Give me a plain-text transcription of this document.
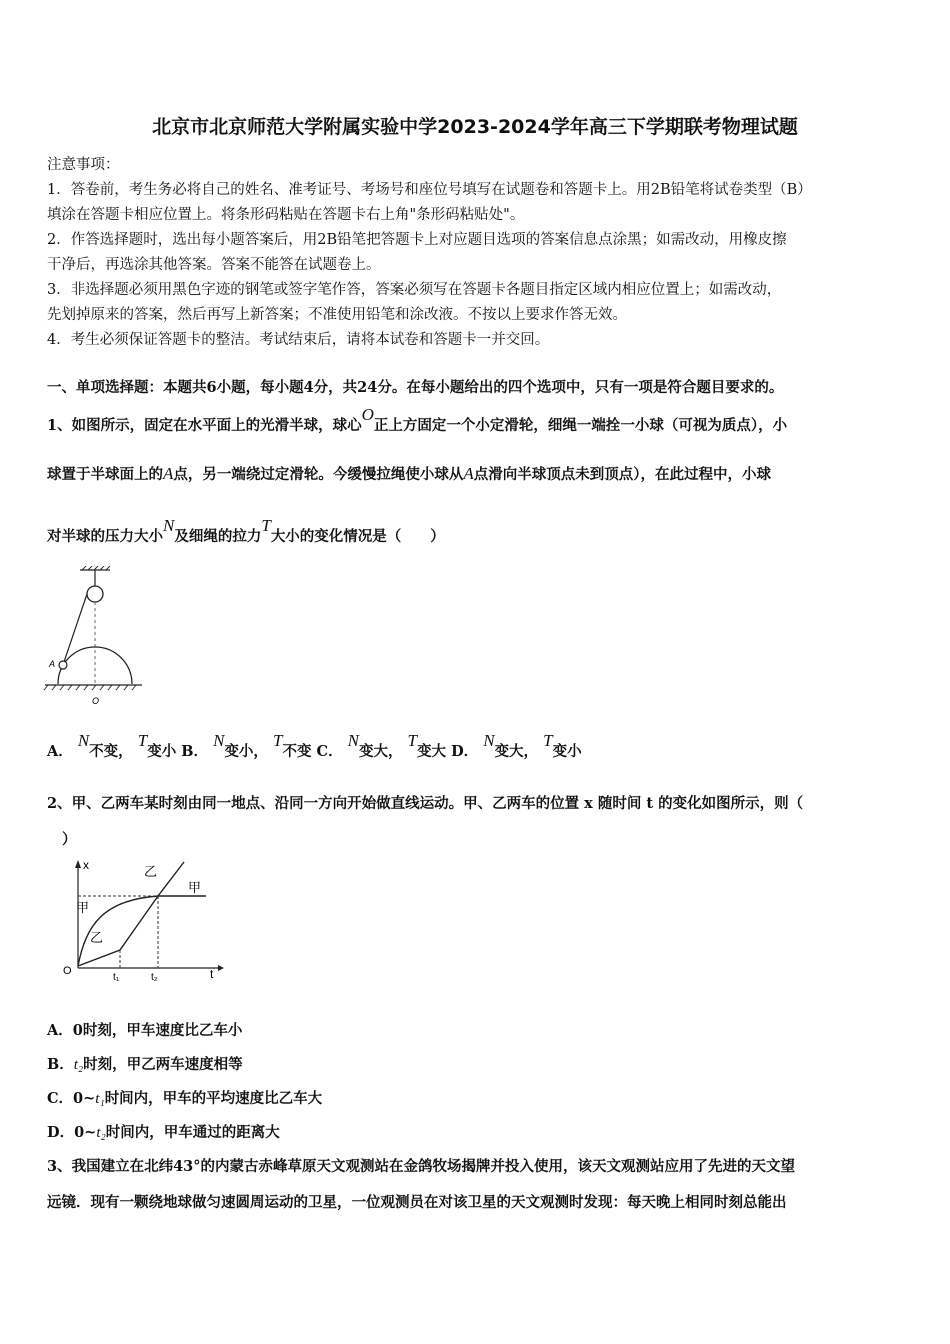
北京市北京师范大学附属实验中学2023-2024学年高三下学期联考物理试题
注意事项：
1．答卷前，考生务必将自己的姓名、准考证号、考场号和座位号填写在试题卷和答题卡上。用2B铅笔将试卷类型（B）
填涂在答题卡相应位置上。将条形码粘贴在答题卡右上角"条形码粘贴处"。
2．作答选择题时，选出每小题答案后，用2B铅笔把答题卡上对应题目选项的答案信息点涂黑；如需改动，用橡皮擦
干净后，再选涂其他答案。答案不能答在试题卷上。
3．非选择题必须用黑色字迹的钢笔或签字笔作答，答案必须写在答题卡各题目指定区域内相应位置上；如需改动，
先划掉原来的答案，然后再写上新答案；不准使用铅笔和涂改液。不按以上要求作答无效。
4．考生必须保证答题卡的整洁。考试结束后，请将本试卷和答题卡一并交回。
一、单项选择题：本题共6小题，每小题4分，共24分。在每小题给出的四个选项中，只有一项是符合题目要求的。
1、如图所示，固定在水平面上的光滑半球，球心O正上方固定一个小定滑轮，细绳一端拴一小球（可视为质点），小
球置于半球面上的A点，另一端绕过定滑轮。今缓慢拉绳使小球从A点滑向半球顶点未到顶点），在此过程中，小球
对半球的压力大小N及细绳的拉力T大小的变化情况是（　　）
A
O
A． N不变， T变小 B． N变小， T不变 C． N变大， T变大 D． N变大， T变小
2、甲、乙两车某时刻由同一地点、沿同一方向开始做直线运动。甲、乙两车的位置 x 随时间 t 的变化如图所示，则（
）
x
t
O
t₁	t₂
甲
甲
乙
乙
A．0时刻，甲车速度比乙车小
B．t₂时刻，甲乙两车速度相等
C．0~t₁时间内，甲车的平均速度比乙车大
D．0~t₂时间内，甲车通过的距离大
3、我国建立在北纬43°的内蒙古赤峰草原天文观测站在金鸽牧场揭牌并投入使用，该天文观测站应用了先进的天文望
远镜．现有一颗绕地球做匀速圆周运动的卫星，一位观测员在对该卫星的天文观测时发现：每天晚上相同时刻总能出
